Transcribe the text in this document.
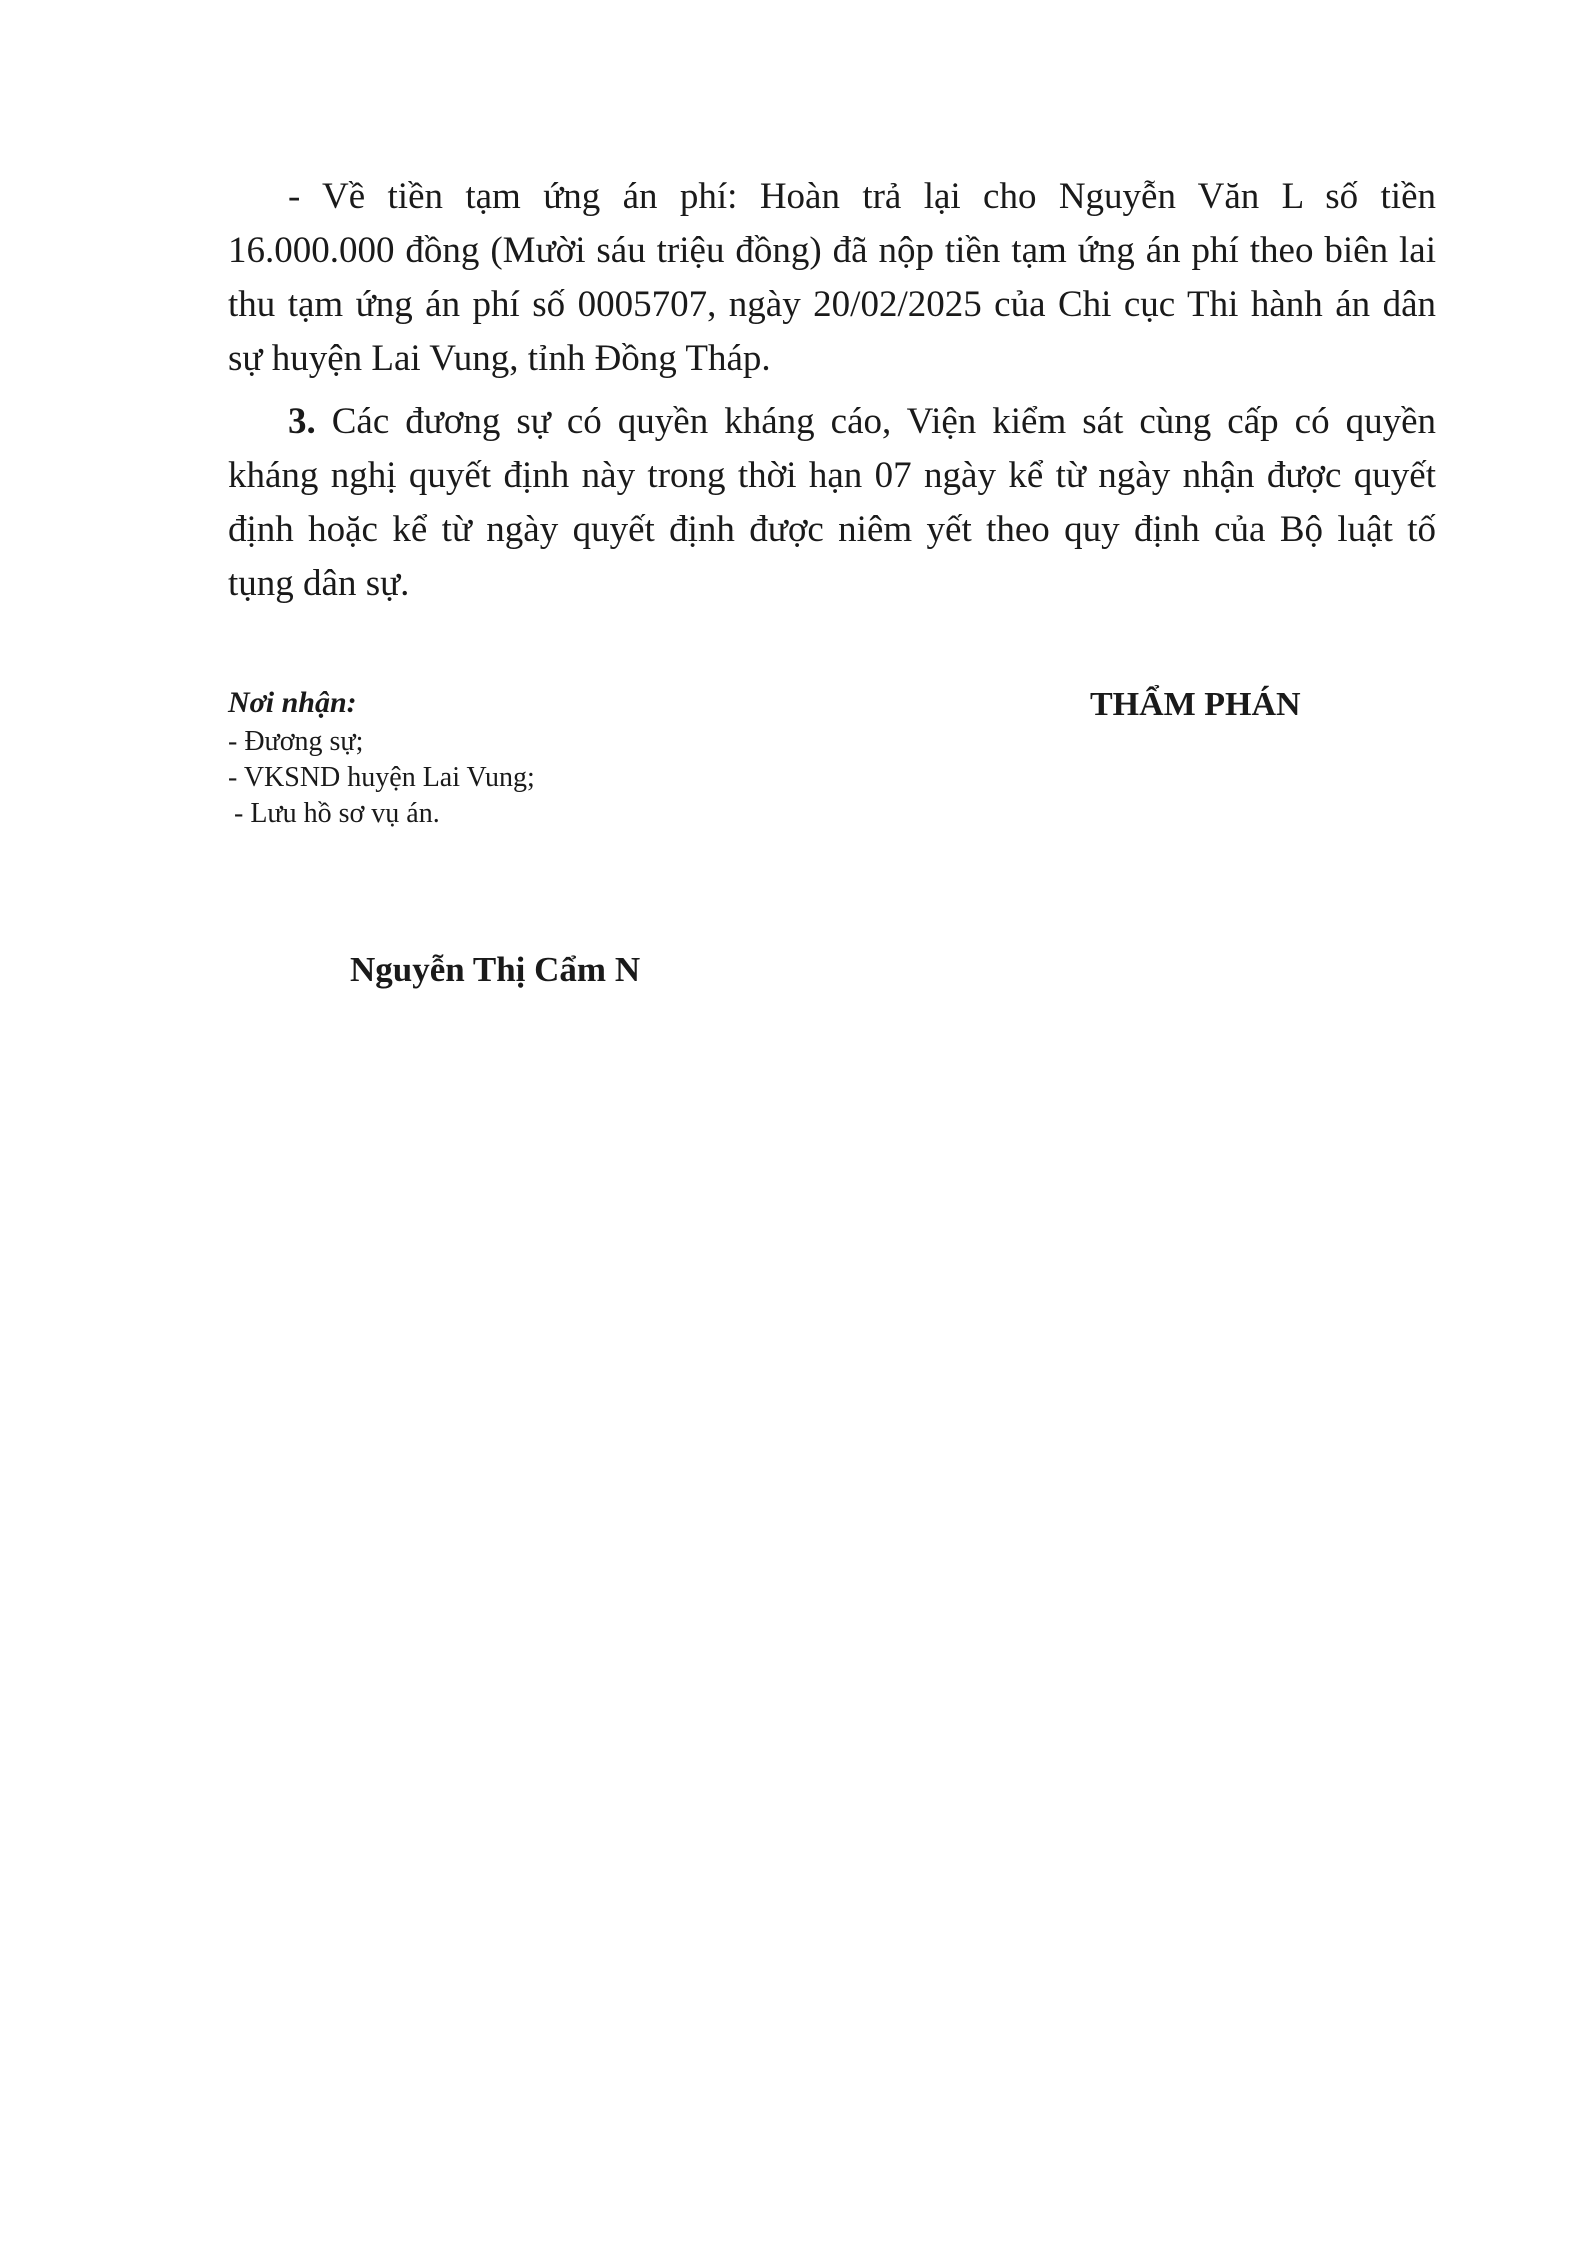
- Về tiền tạm ứng án phí: Hoàn trả lại cho Nguyễn Văn L số tiền
16.000.000 đồng (Mười sáu triệu đồng) đã nộp tiền tạm ứng án phí theo biên lai
thu tạm ứng án phí số 0005707, ngày 20/02/2025 của Chi cục Thi hành án dân
sự huyện Lai Vung, tỉnh Đồng Tháp.

3. Các đương sự có quyền kháng cáo, Viện kiểm sát cùng cấp có quyền
kháng nghị quyết định này trong thời hạn 07 ngày kể từ ngày nhận được quyết
định hoặc kể từ ngày quyết định được niêm yết theo quy định của Bộ luật tố
tụng dân sự.

Nơi nhận:
- Đương sự;
- VKSND huyện Lai Vung;
- Lưu hồ sơ vụ án.
THẨM PHÁN
Nguyễn Thị Cẩm N
